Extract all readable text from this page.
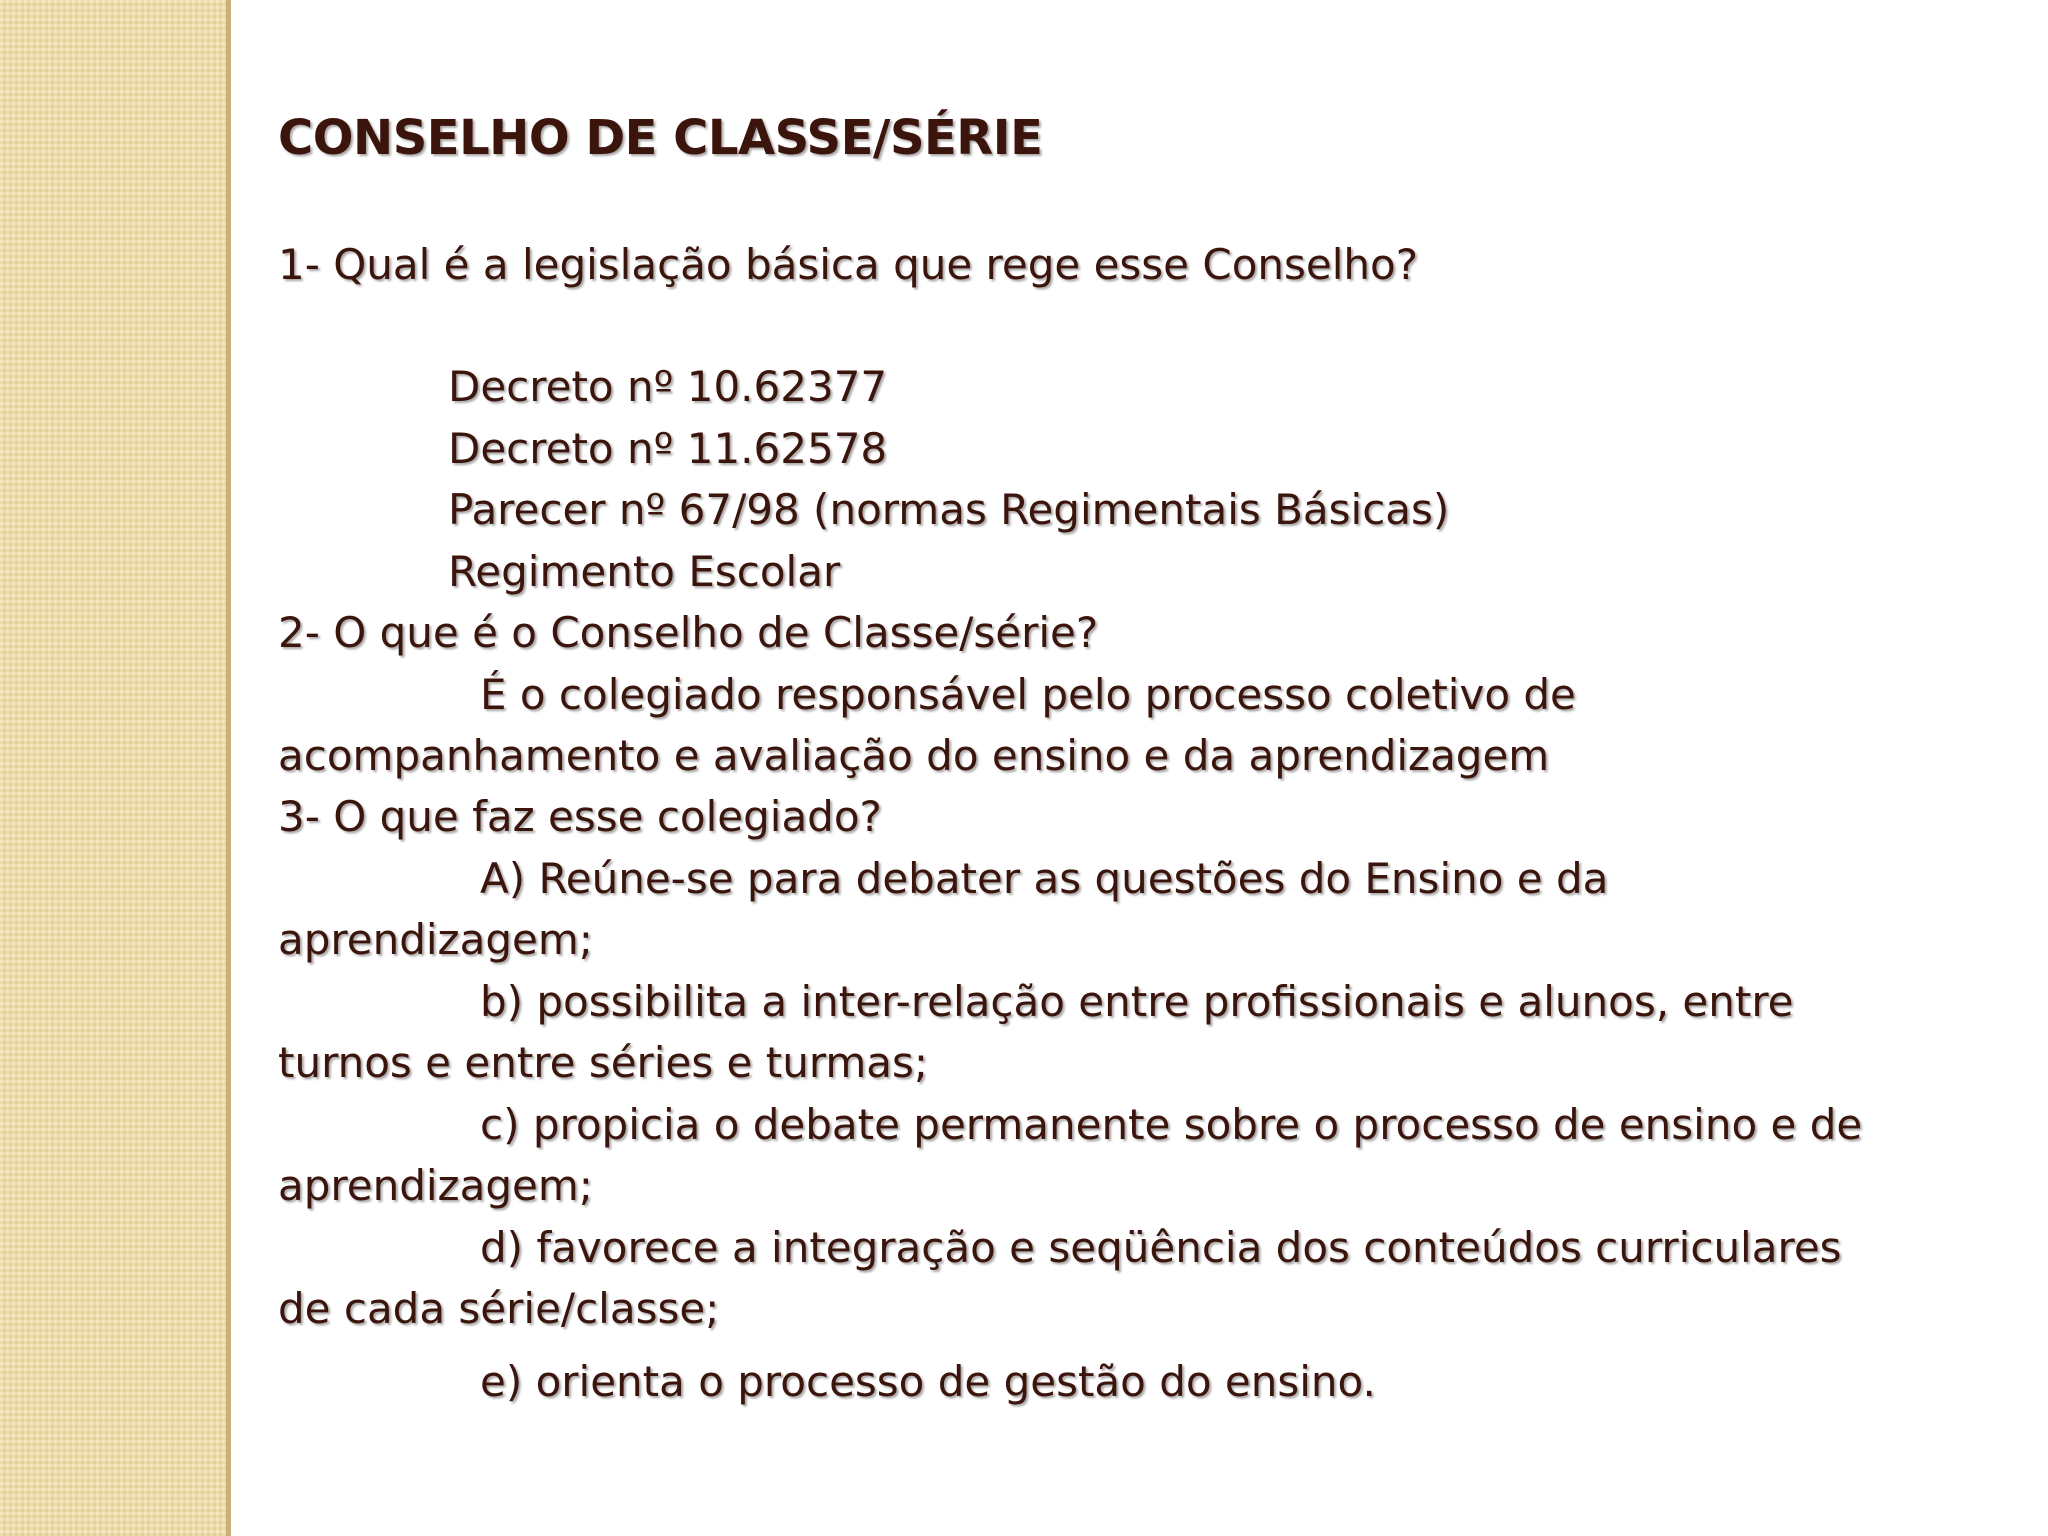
CONSELHO DE CLASSE/SÉRIE
1- Qual é a legislação básica que rege esse Conselho?
Decreto nº 10.62377
Decreto nº 11.62578
Parecer nº 67/98 (normas Regimentais Básicas)
Regimento Escolar
2- O que é o Conselho de Classe/série?
É o colegiado responsável pelo processo coletivo de
acompanhamento e avaliação do ensino e da aprendizagem
3- O que faz esse colegiado?
A) Reúne-se para debater as questões do Ensino e da
aprendizagem;
b) possibilita a inter-relação entre profissionais e alunos, entre
turnos e entre séries e turmas;
c) propicia o debate permanente sobre o processo de ensino e de
aprendizagem;
d) favorece a integração e seqüência dos conteúdos curriculares
de cada série/classe;
e) orienta o processo de gestão do ensino.
